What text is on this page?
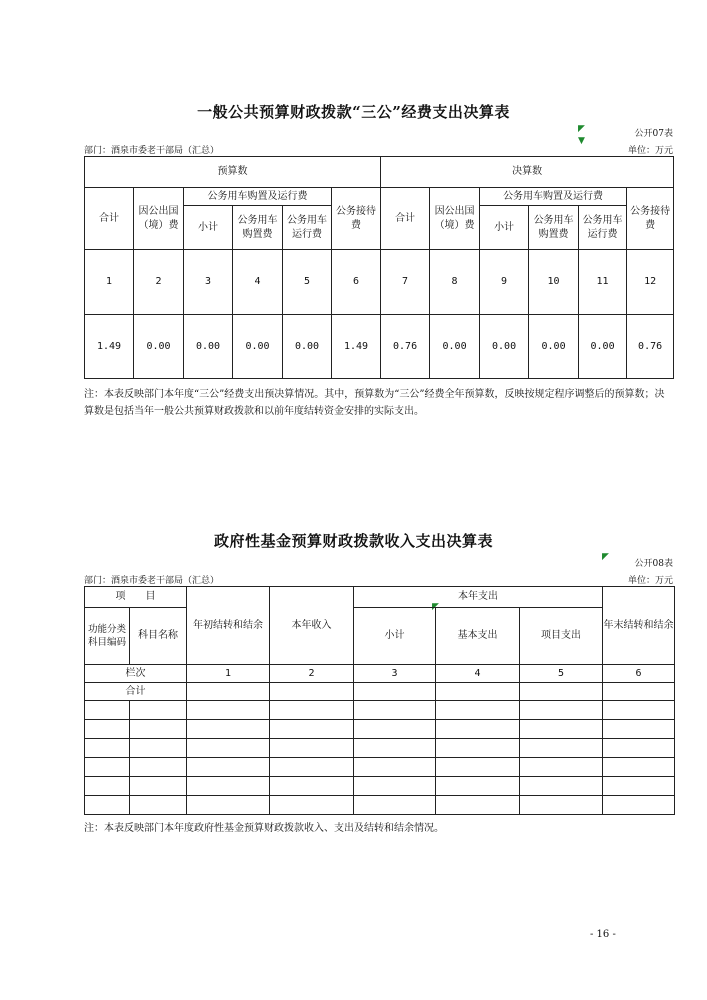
一般公共预算财政拨款“三公”经费支出决算表
◤
▼
公开07表
部门：酒泉市委老干部局（汇总）	单位：万元
预算数						决算数					
合计	因公出国（境）费	公务用车购置及运行费			公务接待费	合计	因公出国（境）费	公务用车购置及运行费			公务接待费
		小计	公务用车购置费	公务用车运行费				小计	公务用车购置费	公务用车运行费	
1	2	3	4	5	6	7	8	9	10	11	12
1.49	0.00	0.00	0.00	0.00	1.49	0.76	0.00	0.00	0.00	0.00	0.76
注：本表反映部门本年度“三公”经费支出预决算情况。其中，预算数为“三公”经费全年预算数，反映按规定程序调整后的预算数；决算数是包括当年一般公共预算财政拨款和以前年度结转资金安排的实际支出。
政府性基金预算财政拨款收入支出决算表
◤
公开08表
部门：酒泉市委老干部局（汇总）	单位：万元
◤
项　　目		年初结转和结余	本年收入	本年支出			年末结转和结余
功能分类科目编码	科目名称			小计	基本支出	项目支出	

栏次		1	2	3	4	5	6
合计							

注：本表反映部门本年度政府性基金预算财政拨款收入、支出及结转和结余情况。
- 16 -
